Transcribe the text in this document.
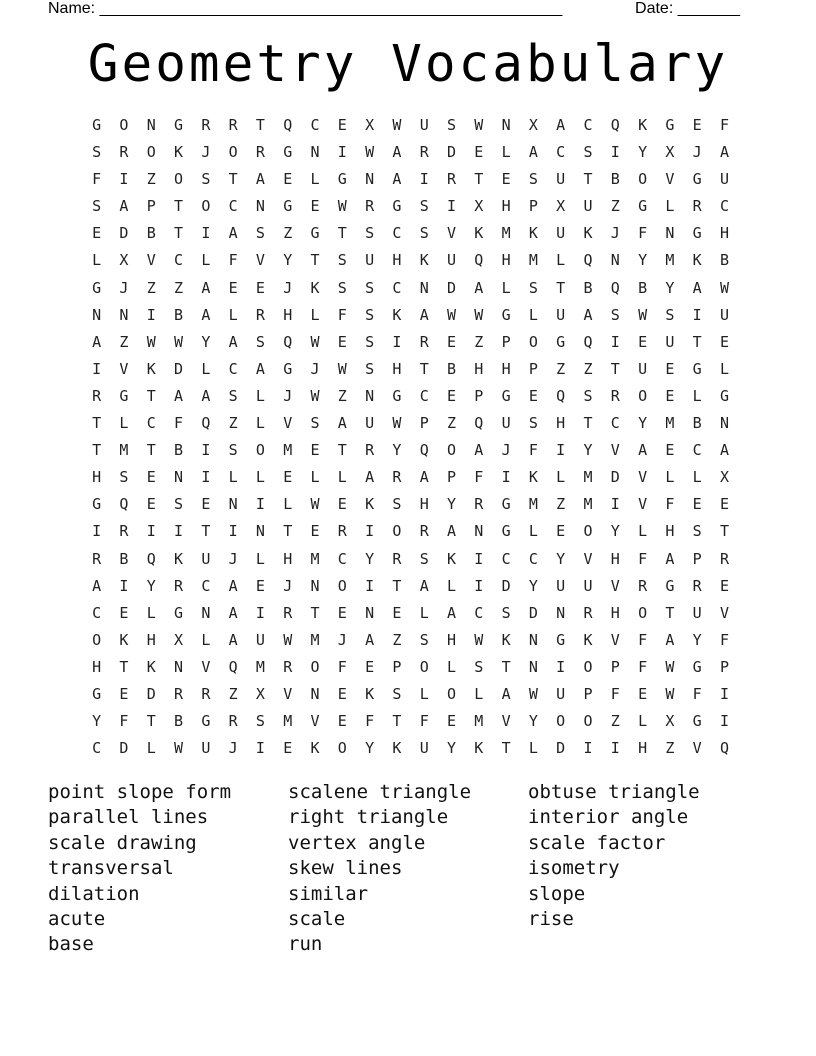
Name: ____________________________________________________	Date: _______
Geometry Vocabulary
G	O	N	G	R	R	T	Q	C	E	X	W	U	S	W	N	X	A	C	Q	K	G	E	F
S	R	O	K	J	O	R	G	N	I	W	A	R	D	E	L	A	C	S	I	Y	X	J	A
F	I	Z	O	S	T	A	E	L	G	N	A	I	R	T	E	S	U	T	B	O	V	G	U
S	A	P	T	O	C	N	G	E	W	R	G	S	I	X	H	P	X	U	Z	G	L	R	C
E	D	B	T	I	A	S	Z	G	T	S	C	S	V	K	M	K	U	K	J	F	N	G	H
L	X	V	C	L	F	V	Y	T	S	U	H	K	U	Q	H	M	L	Q	N	Y	M	K	B
G	J	Z	Z	A	E	E	J	K	S	S	C	N	D	A	L	S	T	B	Q	B	Y	A	W
N	N	I	B	A	L	R	H	L	F	S	K	A	W	W	G	L	U	A	S	W	S	I	U
A	Z	W	W	Y	A	S	Q	W	E	S	I	R	E	Z	P	O	G	Q	I	E	U	T	E
I	V	K	D	L	C	A	G	J	W	S	H	T	B	H	H	P	Z	Z	T	U	E	G	L
R	G	T	A	A	S	L	J	W	Z	N	G	C	E	P	G	E	Q	S	R	O	E	L	G
T	L	C	F	Q	Z	L	V	S	A	U	W	P	Z	Q	U	S	H	T	C	Y	M	B	N
T	M	T	B	I	S	O	M	E	T	R	Y	Q	O	A	J	F	I	Y	V	A	E	C	A
H	S	E	N	I	L	L	E	L	L	A	R	A	P	F	I	K	L	M	D	V	L	L	X
G	Q	E	S	E	N	I	L	W	E	K	S	H	Y	R	G	M	Z	M	I	V	F	E	E
I	R	I	I	T	I	N	T	E	R	I	O	R	A	N	G	L	E	O	Y	L	H	S	T
R	B	Q	K	U	J	L	H	M	C	Y	R	S	K	I	C	C	Y	V	H	F	A	P	R
A	I	Y	R	C	A	E	J	N	O	I	T	A	L	I	D	Y	U	U	V	R	G	R	E
C	E	L	G	N	A	I	R	T	E	N	E	L	A	C	S	D	N	R	H	O	T	U	V
O	K	H	X	L	A	U	W	M	J	A	Z	S	H	W	K	N	G	K	V	F	A	Y	F
H	T	K	N	V	Q	M	R	O	F	E	P	O	L	S	T	N	I	O	P	F	W	G	P
G	E	D	R	R	Z	X	V	N	E	K	S	L	O	L	A	W	U	P	F	E	W	F	I
Y	F	T	B	G	R	S	M	V	E	F	T	F	E	M	V	Y	O	O	Z	L	X	G	I
C	D	L	W	U	J	I	E	K	O	Y	K	U	Y	K	T	L	D	I	I	H	Z	V	Q
point slope form
parallel lines
scale drawing
transversal
dilation
acute
base
scalene triangle
right triangle
vertex angle
skew lines
similar
scale
run
obtuse triangle
interior angle
scale factor
isometry
slope
rise
